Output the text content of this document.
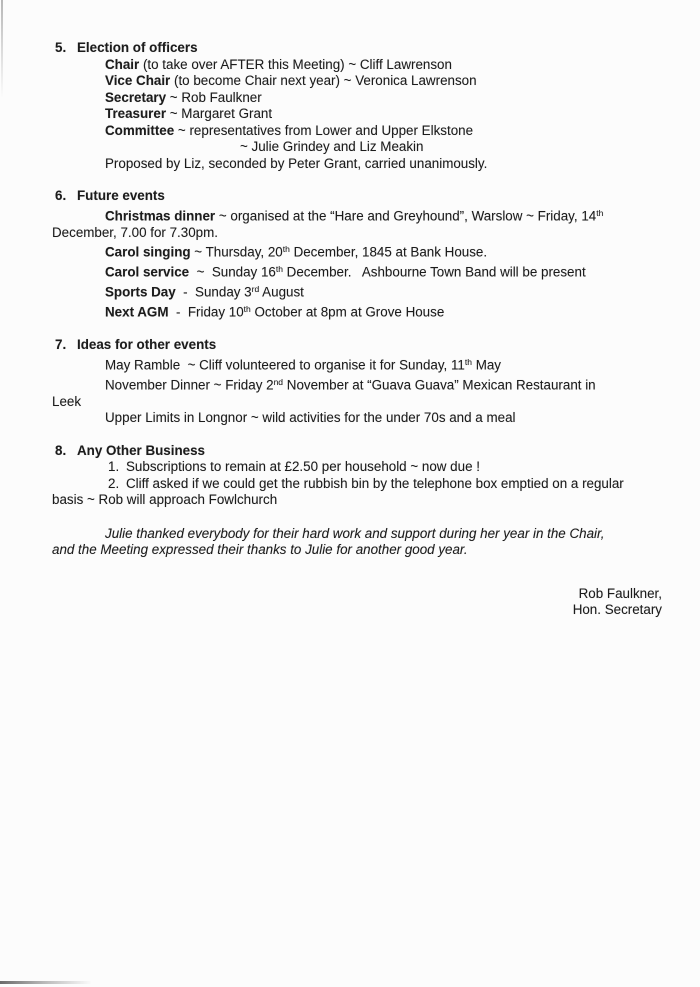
5. Election of officers
Chair (to take over AFTER this Meeting) ~ Cliff Lawrenson
Vice Chair (to become Chair next year) ~ Veronica Lawrenson
Secretary ~ Rob Faulkner
Treasurer ~ Margaret Grant
Committee ~ representatives from Lower and Upper Elkstone
~ Julie Grindey and Liz Meakin
Proposed by Liz, seconded by Peter Grant, carried unanimously.
6. Future events
Christmas dinner ~ organised at the “Hare and Greyhound”, Warslow ~ Friday, 14th
December, 7.00 for 7.30pm.
Carol singing ~ Thursday, 20th December, 1845 at Bank House.
Carol service  ~  Sunday 16th December.   Ashbourne Town Band will be present
Sports Day  -  Sunday 3rd August
Next AGM  -  Friday 10th October at 8pm at Grove House
7. Ideas for other events
May Ramble  ~ Cliff volunteered to organise it for Sunday, 11th May
November Dinner ~ Friday 2nd November at “Guava Guava” Mexican Restaurant in
Leek
Upper Limits in Longnor ~ wild activities for the under 70s and a meal
8. Any Other Business
1. Subscriptions to remain at £2.50 per household ~ now due !
2. Cliff asked if we could get the rubbish bin by the telephone box emptied on a regular
basis ~ Rob will approach Fowlchurch
Julie thanked everybody for their hard work and support during her year in the Chair,
and the Meeting expressed their thanks to Julie for another good year.
Rob Faulkner,
Hon. Secretary
